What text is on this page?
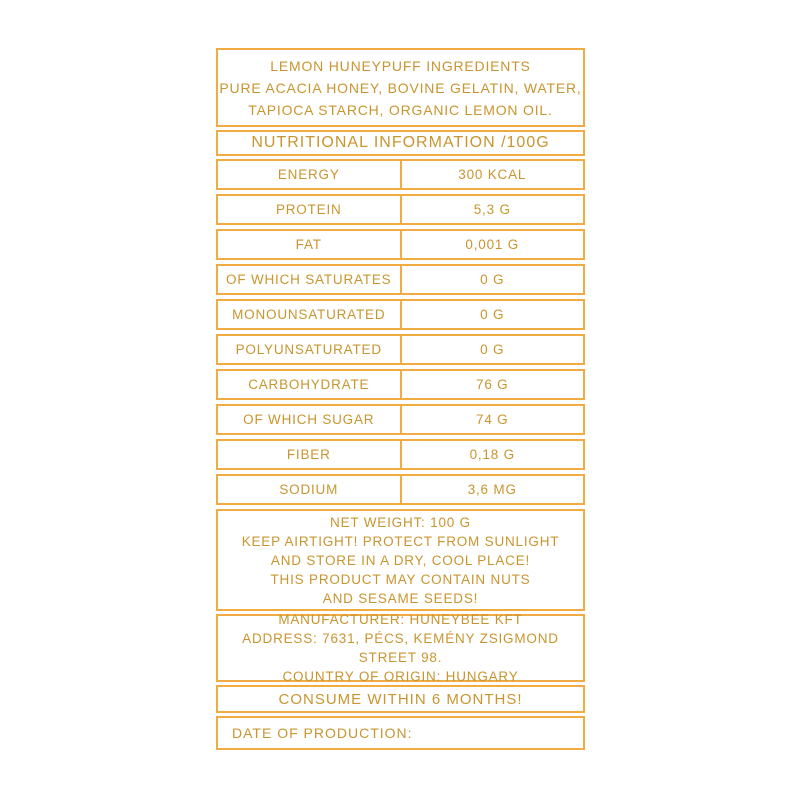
LEMON HUNEYPUFF INGREDIENTS
PURE ACACIA HONEY, BOVINE GELATIN, WATER,
TAPIOCA STARCH, ORGANIC LEMON OIL.
NUTRITIONAL INFORMATION /100G
ENERGY	300 KCAL
PROTEIN	5,3 G
FAT	0,001 G
OF WHICH SATURATES	0 G
MONOUNSATURATED	0 G
POLYUNSATURATED	0 G
CARBOHYDRATE	76 G
OF WHICH SUGAR	74 G
FIBER	0,18 G
SODIUM	3,6 MG
NET WEIGHT: 100 G
KEEP AIRTIGHT! PROTECT FROM SUNLIGHT
AND STORE IN A DRY, COOL PLACE!
THIS PRODUCT MAY CONTAIN NUTS
AND SESAME SEEDS!
MANUFACTURER: HUNEYBEE KFT
ADDRESS: 7631, PÉCS, KEMÉNY ZSIGMOND STREET 98.
COUNTRY OF ORIGIN: HUNGARY
CONSUME WITHIN 6 MONTHS!
DATE OF PRODUCTION:
